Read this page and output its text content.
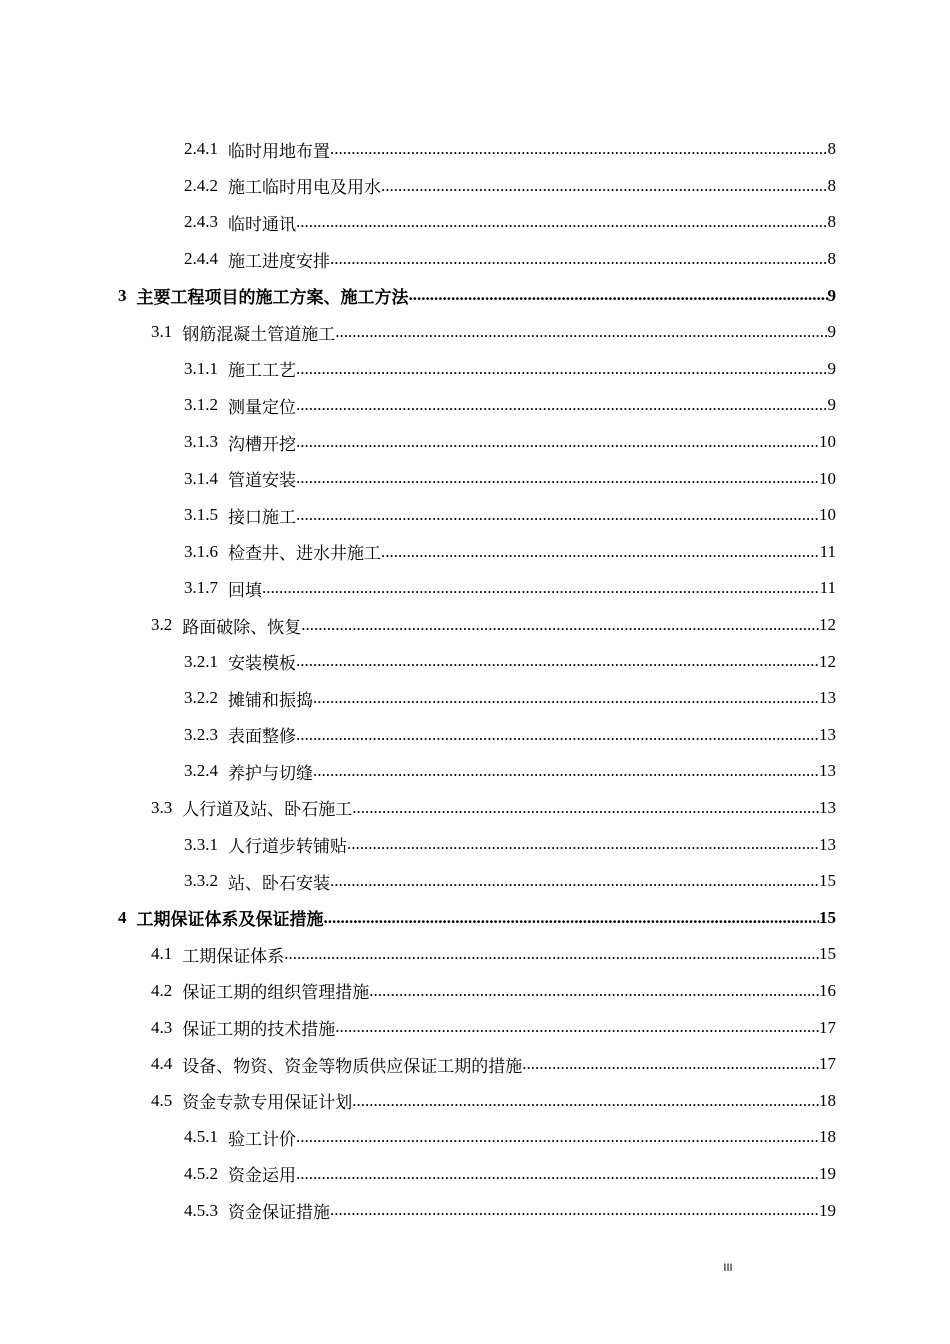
2.4.1 临时用地布置 .....	8
2.4.2 施工临时用电及用水 .....	8
2.4.3 临时通讯 .....	8
2.4.4 施工进度安排 .....	8
3 主要工程项目的施工方案、施工方法 .....	9
3.1 钢筋混凝土管道施工 .....	9
3.1.1 施工工艺 .....	9
3.1.2 测量定位 .....	9
3.1.3 沟槽开挖 .....	10
3.1.4 管道安装 .....	10
3.1.5 接口施工 .....	10
3.1.6 检查井、进水井施工 .....	11
3.1.7 回填 .....	11
3.2 路面破除、恢复 .....	12
3.2.1 安装模板 .....	12
3.2.2 摊铺和振捣 .....	13
3.2.3 表面整修 .....	13
3.2.4 养护与切缝 .....	13
3.3 人行道及站、卧石施工 .....	13
3.3.1 人行道步转铺贴 .....	13
3.3.2 站、卧石安装 .....	15
4 工期保证体系及保证措施 .....	15
4.1 工期保证体系 .....	15
4.2 保证工期的组织管理措施 .....	16
4.3 保证工期的技术措施 .....	17
4.4 设备、物资、资金等物质供应保证工期的措施 .....	17
4.5 资金专款专用保证计划 .....	18
4.5.1 验工计价 .....	18
4.5.2 资金运用 .....	19
4.5.3 资金保证措施 .....	19
III
